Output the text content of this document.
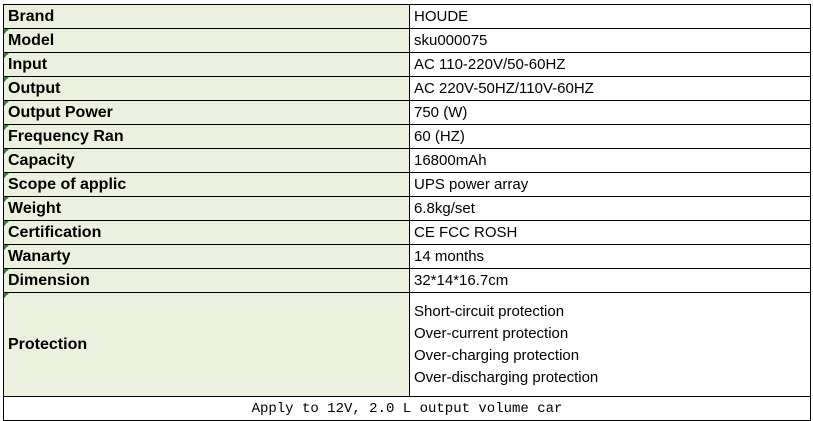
Brand	HOUDE
Model	sku000075
Input	AC 110-220V/50-60HZ
Output	AC 220V-50HZ/110V-60HZ
Output Power	750 (W)
Frequency Ran	60 (HZ)
Capacity	16800mAh
Scope of applic	UPS power array
Weight	6.8kg/set
Certification	CE FCC ROSH
Wanarty	14 months
Dimension	32*14*16.7cm
Protection	Short-circuit protection
Over-current protection
Over-charging protection
Over-discharging protection

Apply to 12V, 2.0 L output volume car	
